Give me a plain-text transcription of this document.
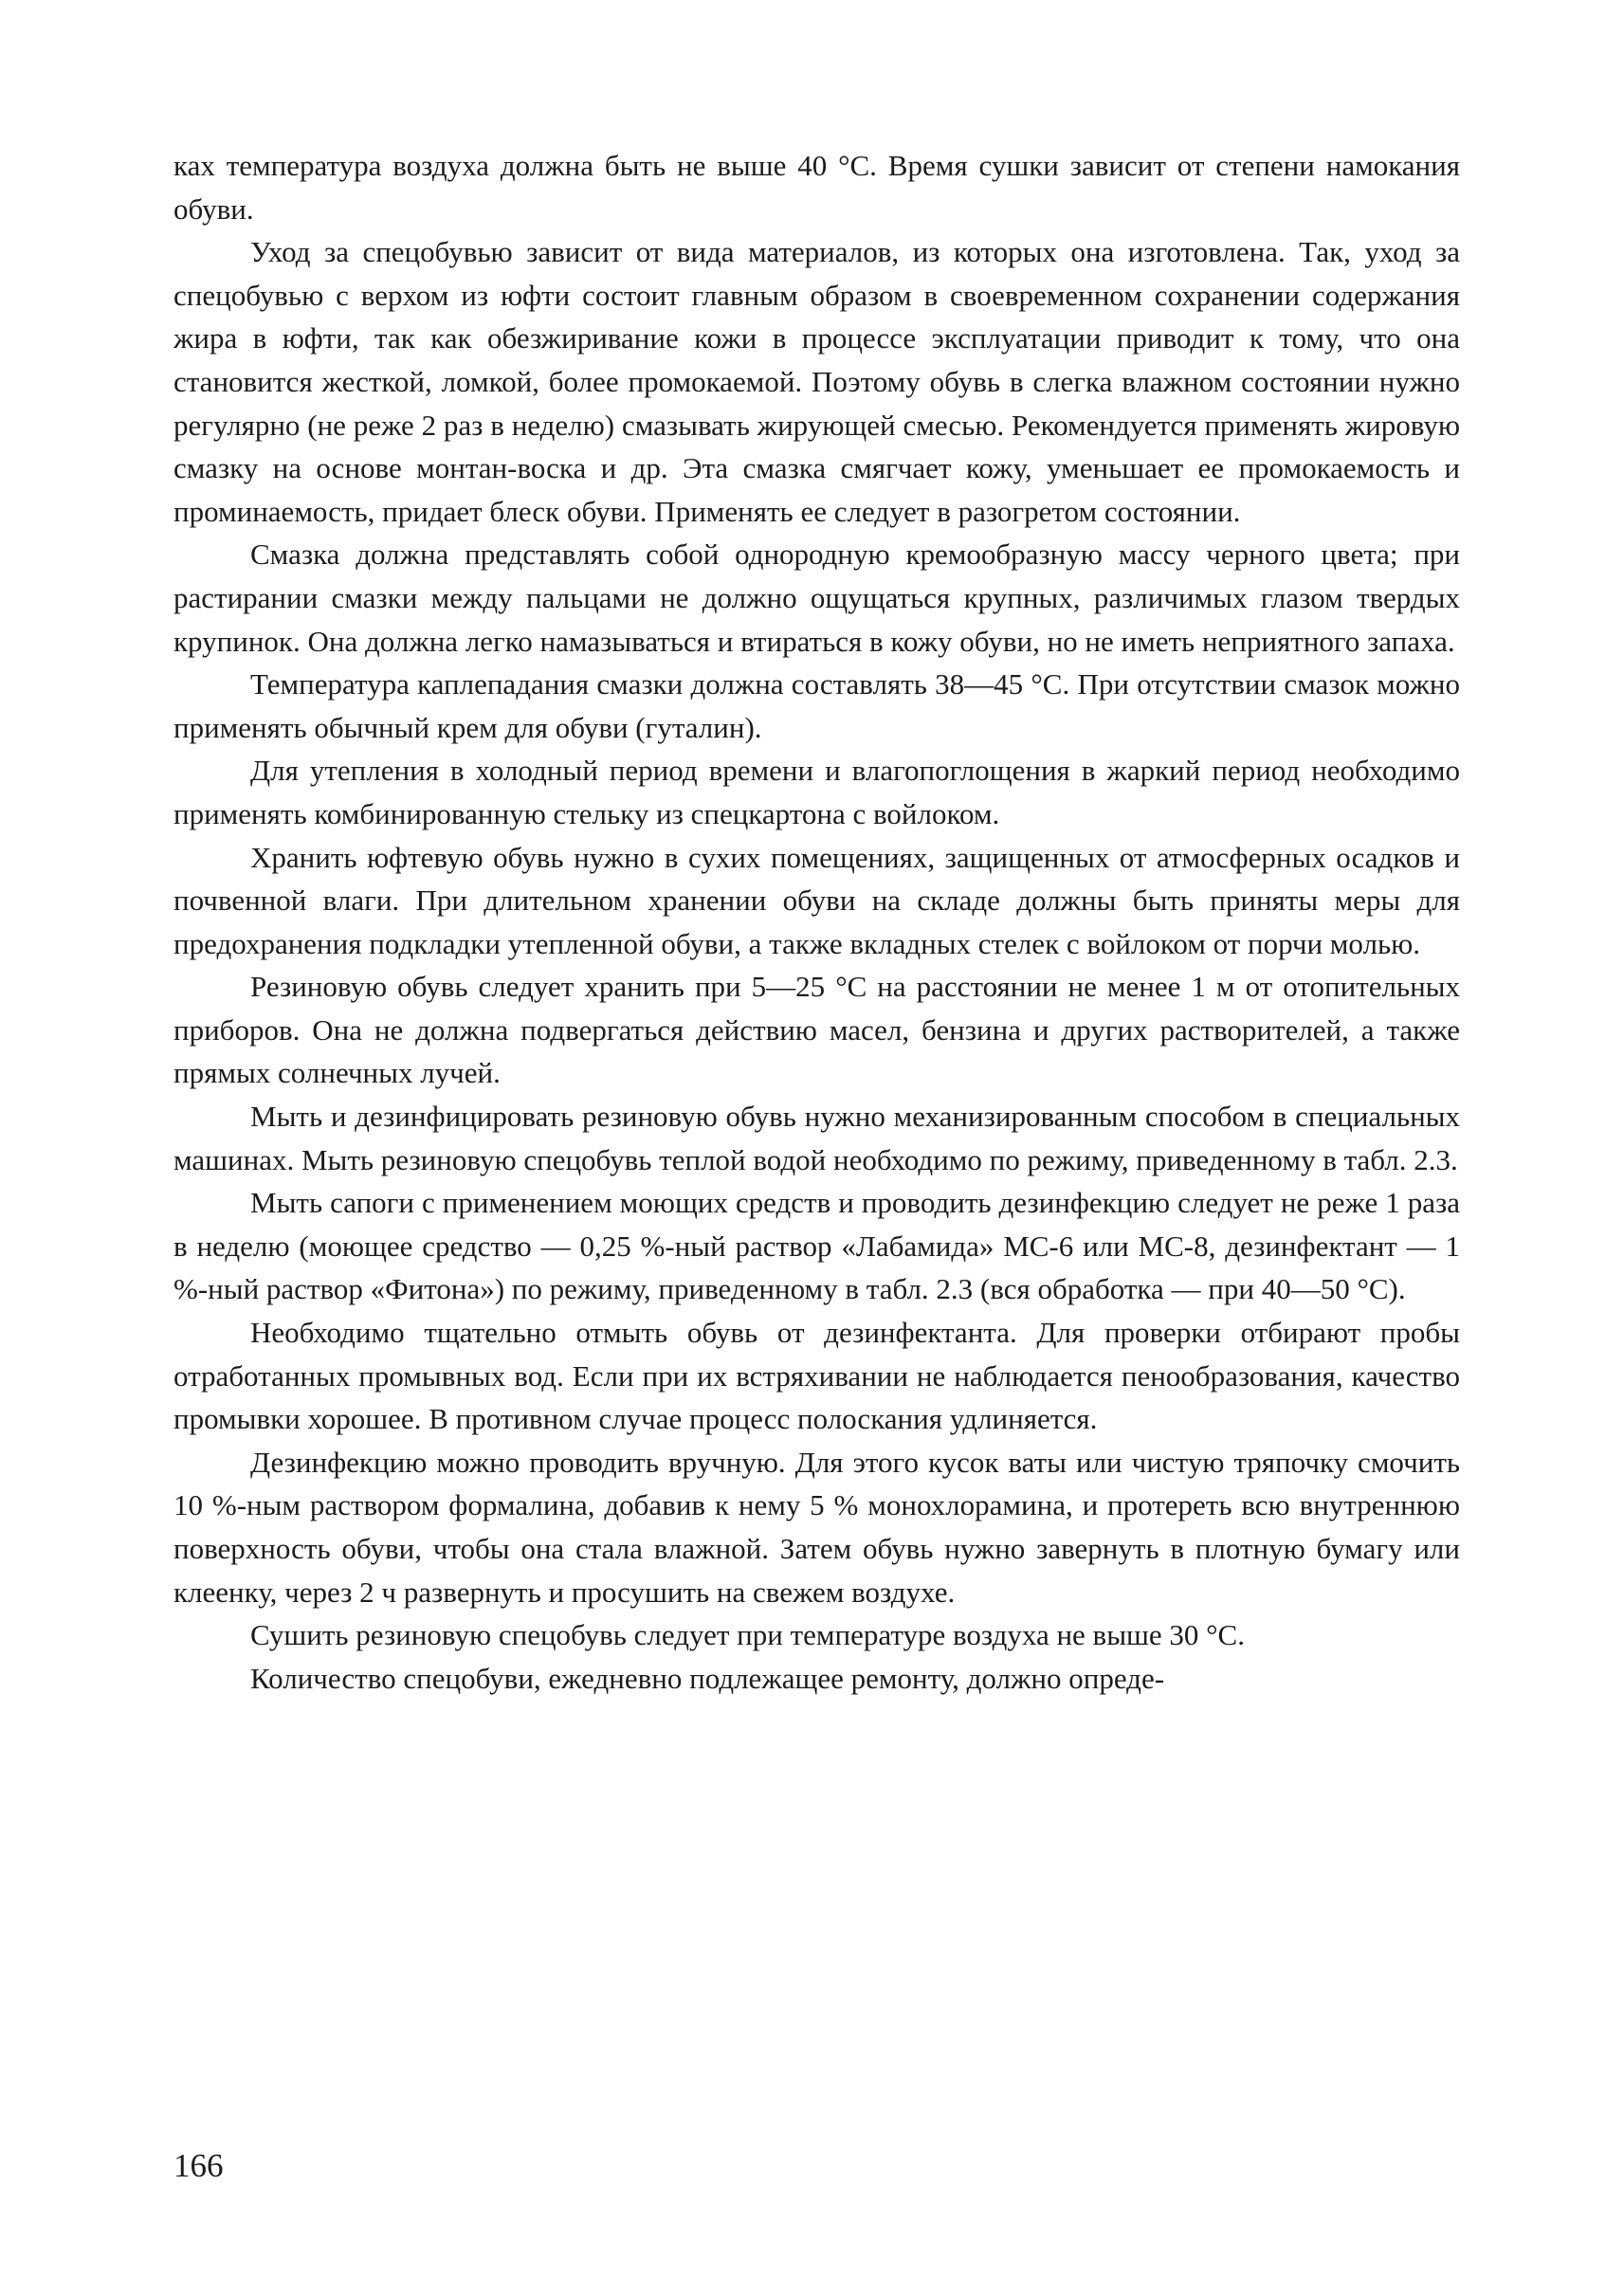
ках температура воздуха должна быть не выше 40 °С. Время сушки зависит от степени намокания обуви.

Уход за спецобувью зависит от вида материалов, из которых она изготовлена. Так, уход за спецобувью с верхом из юфти состоит главным образом в своевременном сохранении содержания жира в юфти, так как обезжиривание кожи в процессе эксплуатации приводит к тому, что она становится жесткой, ломкой, более промокаемой. Поэтому обувь в слегка влажном состоянии нужно регулярно (не реже 2 раз в неделю) смазывать жирующей смесью. Рекомендуется применять жировую смазку на основе монтан-воска и др. Эта смазка смягчает кожу, уменьшает ее промокаемость и проминаемость, придает блеск обуви. Применять ее следует в разогретом состоянии.

Смазка должна представлять собой однородную кремообразную массу черного цвета; при растирании смазки между пальцами не должно ощущаться крупных, различимых глазом твердых крупинок. Она должна легко намазываться и втираться в кожу обуви, но не иметь неприятного запаха.

Температура каплепадания смазки должна составлять 38—45 °С. При отсутствии смазок можно применять обычный крем для обуви (гуталин).

Для утепления в холодный период времени и влагопоглощения в жаркий период необходимо применять комбинированную стельку из спецкартона с войлоком.

Хранить юфтевую обувь нужно в сухих помещениях, защищенных от атмосферных осадков и почвенной влаги. При длительном хранении обуви на складе должны быть приняты меры для предохранения подкладки утепленной обуви, а также вкладных стелек с войлоком от порчи молью.

Резиновую обувь следует хранить при 5—25 °С на расстоянии не менее 1 м от отопительных приборов. Она не должна подвергаться действию масел, бензина и других растворителей, а также прямых солнечных лучей.

Мыть и дезинфицировать резиновую обувь нужно механизированным способом в специальных машинах. Мыть резиновую спецобувь теплой водой необходимо по режиму, приведенному в табл. 2.3.

Мыть сапоги с применением моющих средств и проводить дезинфекцию следует не реже 1 раза в неделю (моющее средство — 0,25 %-ный раствор «Лабамида» МС-6 или МС-8, дезинфектант — 1 %-ный раствор «Фитона») по режиму, приведенному в табл. 2.3 (вся обработка — при 40—50 °С).

Необходимо тщательно отмыть обувь от дезинфектанта. Для проверки отбирают пробы отработанных промывных вод. Если при их встряхивании не наблюдается пенообразования, качество промывки хорошее. В противном случае процесс полоскания удлиняется.

Дезинфекцию можно проводить вручную. Для этого кусок ваты или чистую тряпочку смочить 10 %-ным раствором формалина, добавив к нему 5 % монохлорамина, и протереть всю внутреннюю поверхность обуви, чтобы она стала влажной. Затем обувь нужно завернуть в плотную бумагу или клеенку, через 2 ч развернуть и просушить на свежем воздухе.

Сушить резиновую спецобувь следует при температуре воздуха не выше 30 °С.

Количество спецобуви, ежедневно подлежащее ремонту, должно опреде-

166
